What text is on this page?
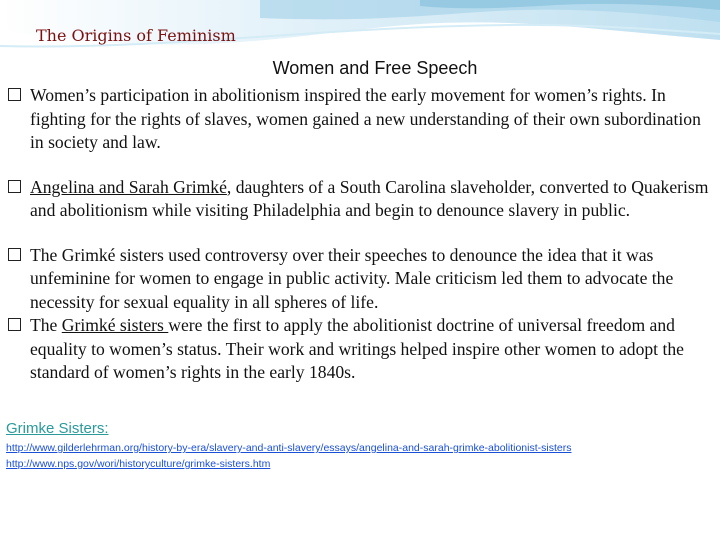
The Origins of Feminism
Women and Free Speech

Women’s participation in abolitionism inspired the early movement for women’s rights. In fighting for the rights of slaves, women gained a new understanding of their own subordination in society and law.

Angelina and Sarah Grimké, daughters of a South Carolina slaveholder, converted to Quakerism and abolitionism while visiting Philadelphia and begin to denounce slavery in public.

The Grimké sisters used controversy over their speeches to denounce the idea that it was unfeminine for women to engage in public activity. Male criticism led them to advocate the necessity for sexual equality in all spheres of life.

The Grimké sisters were the first to apply the abolitionist doctrine of universal freedom and equality to women’s status. Their work and writings helped inspire other women to adopt the standard of women’s rights in the early 1840s.

Grimke Sisters:
http://www.gilderlehrman.org/history-by-era/slavery-and-anti-slavery/essays/angelina-and-sarah-grimke-abolitionist-sisters
http://www.nps.gov/wori/historyculture/grimke-sisters.htm
